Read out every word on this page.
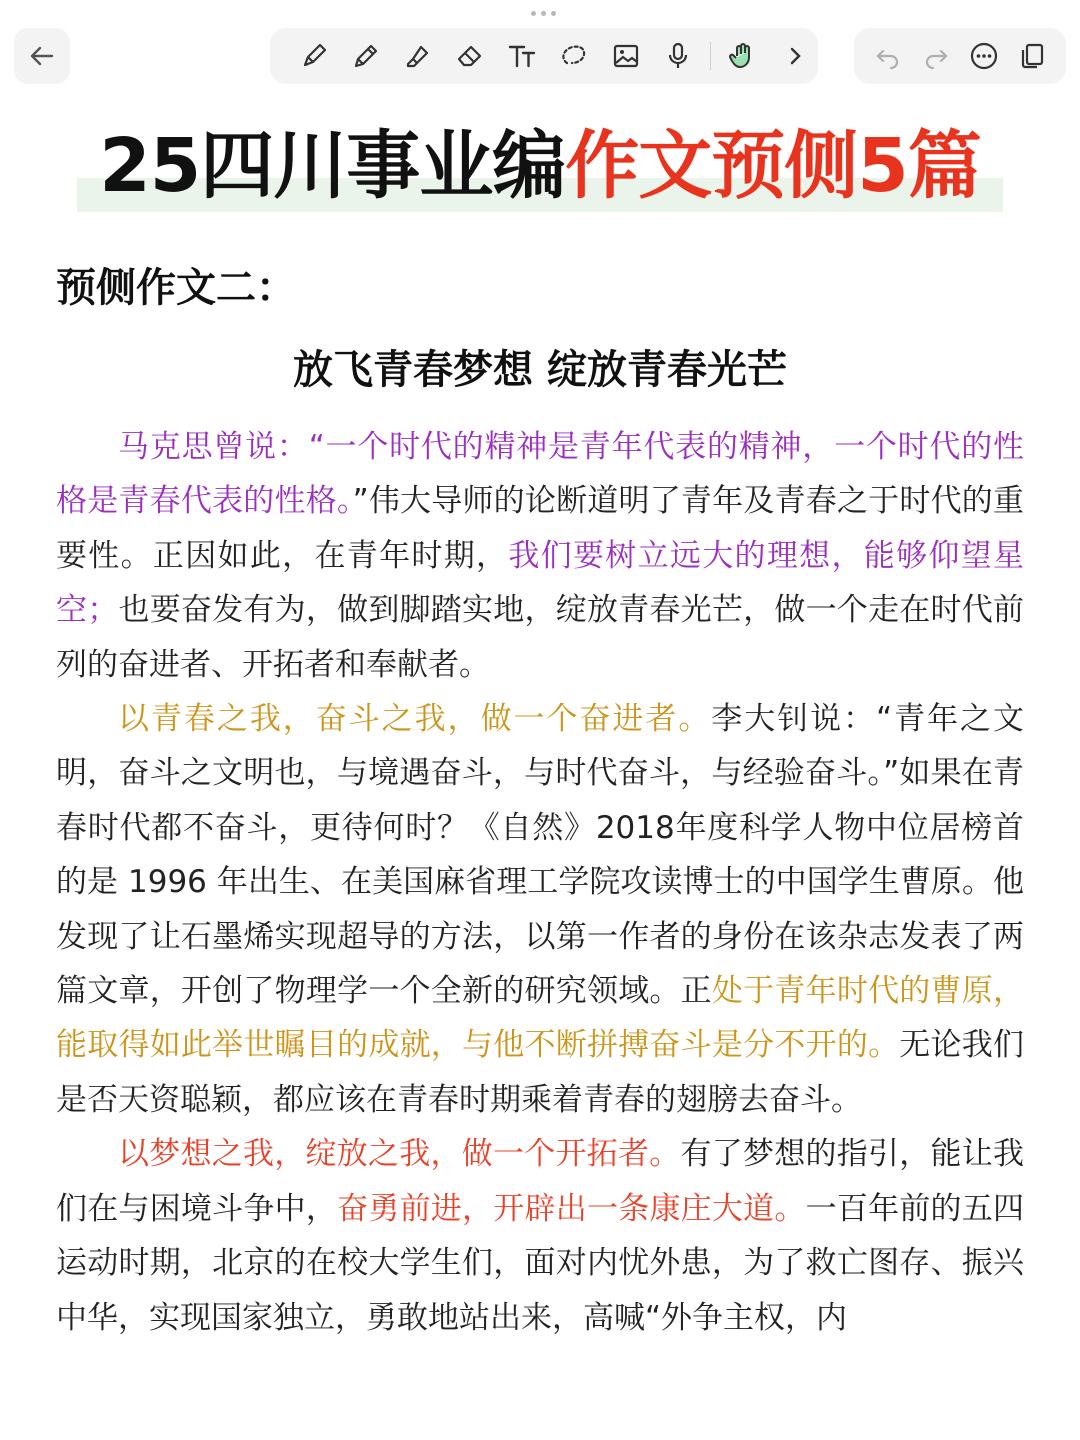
25四川事业编作文预侧5篇
预侧作文二：
放飞青春梦想 绽放青春光芒

马克思曾说：“一个时代的精神是青年代表的精神，一个时代的性格是青春代表的性格。”伟大导师的论断道明了青年及青春之于时代的重要性。正因如此，在青年时期，我们要树立远大的理想，能够仰望星空；也要奋发有为，做到脚踏实地，绽放青春光芒，做一个走在时代前列的奋进者、开拓者和奉献者。

以青春之我，奋斗之我，做一个奋进者。李大钊说：“青年之文明，奋斗之文明也，与境遇奋斗，与时代奋斗，与经验奋斗。”如果在青春时代都不奋斗，更待何时？《自然》2018年度科学人物中位居榜首的是 1996 年出生、在美国麻省理工学院攻读博士的中国学生曹原。他发现了让石墨烯实现超导的方法，以第一作者的身份在该杂志发表了两篇文章，开创了物理学一个全新的研究领域。正处于青年时代的曹原，能取得如此举世瞩目的成就，与他不断拼搏奋斗是分不开的。无论我们是否天资聪颖，都应该在青春时期乘着青春的翅膀去奋斗。

以梦想之我，绽放之我，做一个开拓者。有了梦想的指引，能让我们在与困境斗争中，奋勇前进，开辟出一条康庄大道。一百年前的五四运动时期，北京的在校大学生们，面对内忧外患，为了救亡图存、振兴中华，实现国家独立，勇敢地站出来，高喊“外争主权，内
